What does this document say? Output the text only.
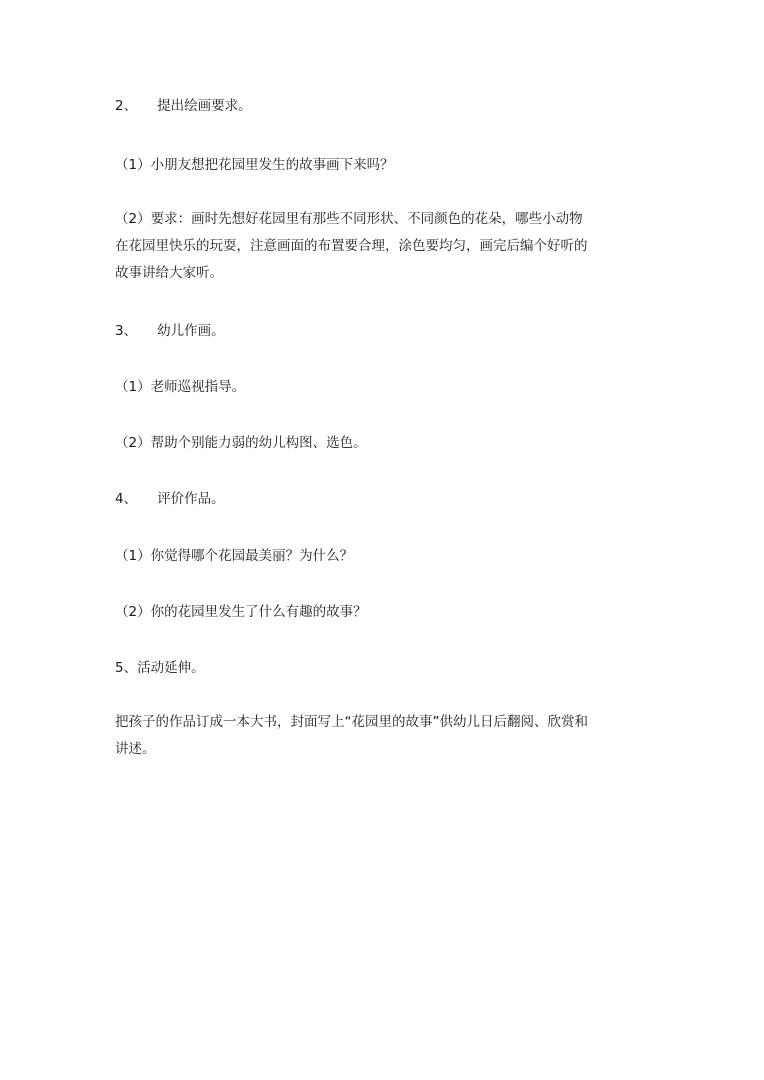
2、 提出绘画要求。
（1）小朋友想把花园里发生的故事画下来吗？
（2）要求：画时先想好花园里有那些不同形状、不同颜色的花朵，哪些小动物
在花园里快乐的玩耍，注意画面的布置要合理，涂色要均匀，画完后编个好听的
故事讲给大家听。
3、 幼儿作画。
（1）老师巡视指导。
（2）帮助个别能力弱的幼儿构图、选色。
4、 评价作品。
（1）你觉得哪个花园最美丽？为什么？
（2）你的花园里发生了什么有趣的故事？
5、活动延伸。
把孩子的作品订成一本大书，封面写上“花园里的故事”供幼儿日后翻阅、欣赏和
讲述。
